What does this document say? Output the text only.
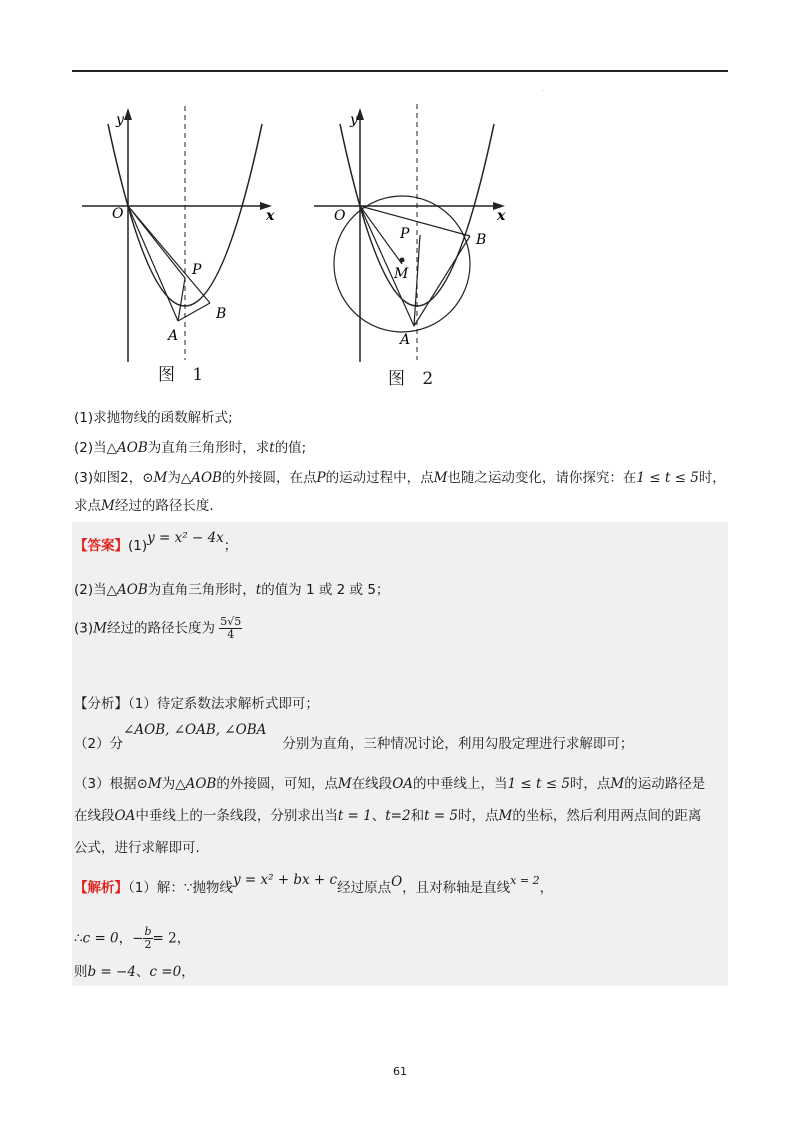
.
y
x
O
P
B
A
图 1
y
x
O
P	B
M
A
图 2
(1)求抛物线的函数解析式;
(2)当△AOB为直角三角形时，求t的值;
(3)如图2，⊙M为△AOB的外接圆，在点P的运动过程中，点M也随之运动变化，请你探究：在1 ≤ t ≤ 5时，
求点M经过的路径长度.
【答案】(1)y = x² − 4x；
(2)当△AOB为直角三角形时，t的值为 1 或 2 或 5；
(3)M经过的路径长度为 $\frac{5√5}{4}$
【分析】（1）待定系数法求解析式即可；
（2）分∠AOB, ∠OAB, ∠OBA分别为直角，三种情况讨论，利用勾股定理进行求解即可；
（3）根据⊙M为△AOB的外接圆，可知，点M在线段OA的中垂线上，当1 ≤ t ≤ 5时，点M的运动路径是
在线段OA中垂线上的一条线段，分别求出当t = 1、t=2和t = 5时，点M的坐标，然后利用两点间的距离
公式，进行求解即可.
【解析】（1）解：∵抛物线y = x² + bx + c经过原点O，且对称轴是直线$^{x = 2}$，
∴c = 0，− $\frac{b}{2} = 2$，
则b = −4、c =0，
61
